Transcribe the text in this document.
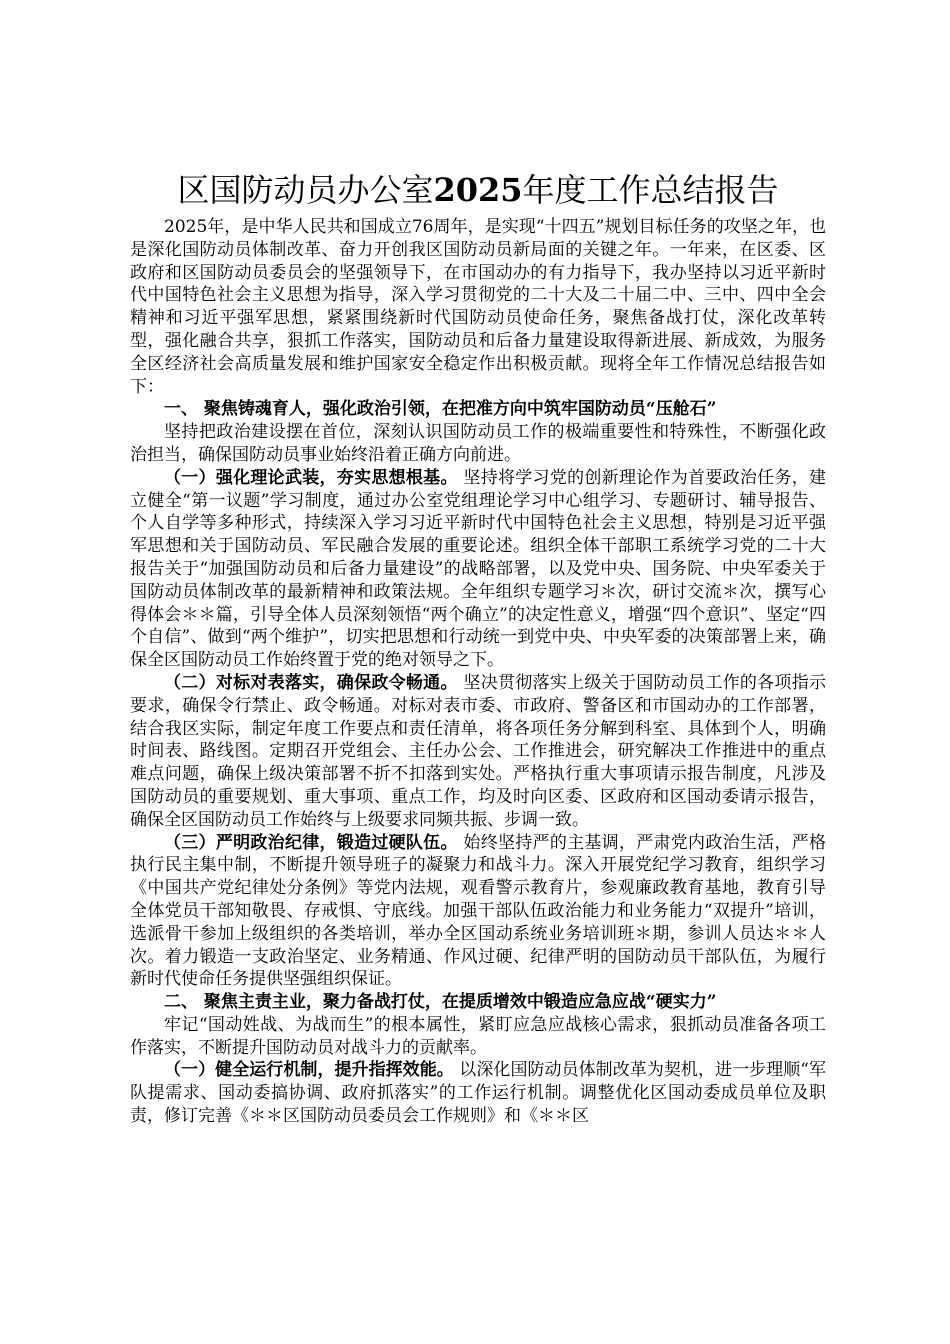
区国防动员办公室2025年度工作总结报告

2025年，是中华人民共和国成立76周年，是实现“十四五”规划目标任务的攻坚之年，也是深化国防动员体制改革、奋力开创我区国防动员新局面的关键之年。一年来，在区委、区政府和区国防动员委员会的坚强领导下，在市国动办的有力指导下，我办坚持以习近平新时代中国特色社会主义思想为指导，深入学习贯彻党的二十大及二十届二中、三中、四中全会精神和习近平强军思想，紧紧围绕新时代国防动员使命任务，聚焦备战打仗，深化改革转型，强化融合共享，狠抓工作落实，国防动员和后备力量建设取得新进展、新成效，为服务全区经济社会高质量发展和维护国家安全稳定作出积极贡献。现将全年工作情况总结报告如下：

一、 聚焦铸魂育人，强化政治引领，在把准方向中筑牢国防动员“压舱石”

坚持把政治建设摆在首位，深刻认识国防动员工作的极端重要性和特殊性，不断强化政治担当，确保国防动员事业始终沿着正确方向前进。

（一）强化理论武装，夯实思想根基。 坚持将学习党的创新理论作为首要政治任务，建立健全“第一议题”学习制度，通过办公室党组理论学习中心组学习、专题研讨、辅导报告、个人自学等多种形式，持续深入学习习近平新时代中国特色社会主义思想，特别是习近平强军思想和关于国防动员、军民融合发展的重要论述。组织全体干部职工系统学习党的二十大报告关于“加强国防动员和后备力量建设”的战略部署，以及党中央、国务院、中央军委关于国防动员体制改革的最新精神和政策法规。全年组织专题学习＊次，研讨交流＊次，撰写心得体会＊＊篇，引导全体人员深刻领悟“两个确立”的决定性意义，增强“四个意识”、坚定“四个自信”、做到“两个维护”，切实把思想和行动统一到党中央、中央军委的决策部署上来，确保全区国防动员工作始终置于党的绝对领导之下。

（二）对标对表落实，确保政令畅通。 坚决贯彻落实上级关于国防动员工作的各项指示要求，确保令行禁止、政令畅通。对标对表市委、市政府、警备区和市国动办的工作部署，结合我区实际，制定年度工作要点和责任清单，将各项任务分解到科室、具体到个人，明确时间表、路线图。定期召开党组会、主任办公会、工作推进会，研究解决工作推进中的重点难点问题，确保上级决策部署不折不扣落到实处。严格执行重大事项请示报告制度，凡涉及国防动员的重要规划、重大事项、重点工作，均及时向区委、区政府和区国动委请示报告，确保全区国防动员工作始终与上级要求同频共振、步调一致。

（三）严明政治纪律，锻造过硬队伍。 始终坚持严的主基调，严肃党内政治生活，严格执行民主集中制，不断提升领导班子的凝聚力和战斗力。深入开展党纪学习教育，组织学习《中国共产党纪律处分条例》等党内法规，观看警示教育片，参观廉政教育基地，教育引导全体党员干部知敬畏、存戒惧、守底线。加强干部队伍政治能力和业务能力“双提升”培训，选派骨干参加上级组织的各类培训，举办全区国动系统业务培训班＊期，参训人员达＊＊人次。着力锻造一支政治坚定、业务精通、作风过硬、纪律严明的国防动员干部队伍，为履行新时代使命任务提供坚强组织保证。

二、 聚焦主责主业，聚力备战打仗，在提质增效中锻造应急应战“硬实力”

牢记“国动姓战、为战而生”的根本属性，紧盯应急应战核心需求，狠抓动员准备各项工作落实，不断提升国防动员对战斗力的贡献率。

（一）健全运行机制，提升指挥效能。 以深化国防动员体制改革为契机，进一步理顺“军队提需求、国动委搞协调、政府抓落实”的工作运行机制。调整优化区国动委成员单位及职责，修订完善《＊＊区国防动员委员会工作规则》和《＊＊区
